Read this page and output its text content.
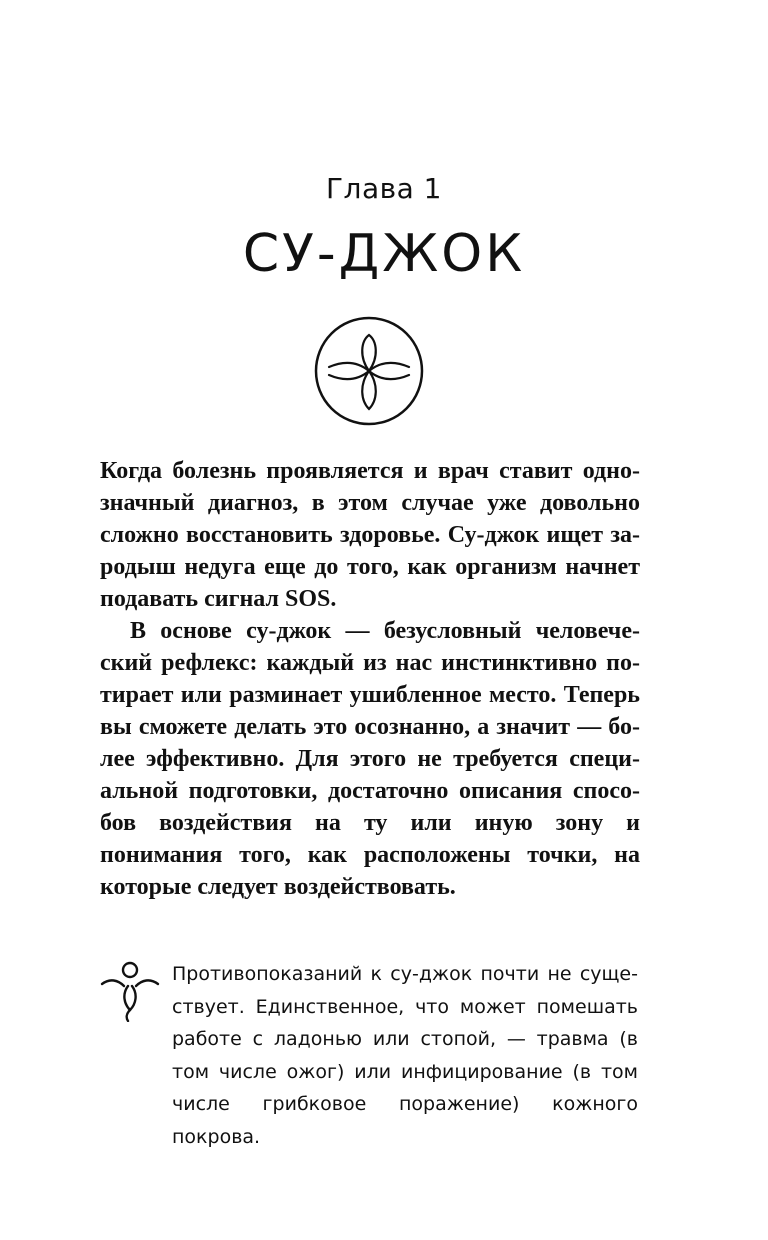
Глава 1
СУ-ДЖОК

Когда болезнь проявляется и врач ставит однозначный диагноз, в этом случае уже довольно сложно восстановить здоровье. Су-джок ищет зародыш недуга еще до того, как организм начнет подавать сигнал SOS.

В основе су-джок — безусловный человеческий рефлекс: каждый из нас инстинктивно потирает или разминает ушибленное место. Теперь вы сможете делать это осознанно, а значит — более эффективно. Для этого не требуется специальной подготовки, достаточно описания способов воздействия на ту или иную зону и понимания того, как расположены точки, на которые следует воздействовать.

Противопоказаний к су-джок почти не существует. Единственное, что может помешать работе с ладонью или стопой, — травма (в том числе ожог) или инфицирование (в том числе грибковое поражение) кожного покрова.
